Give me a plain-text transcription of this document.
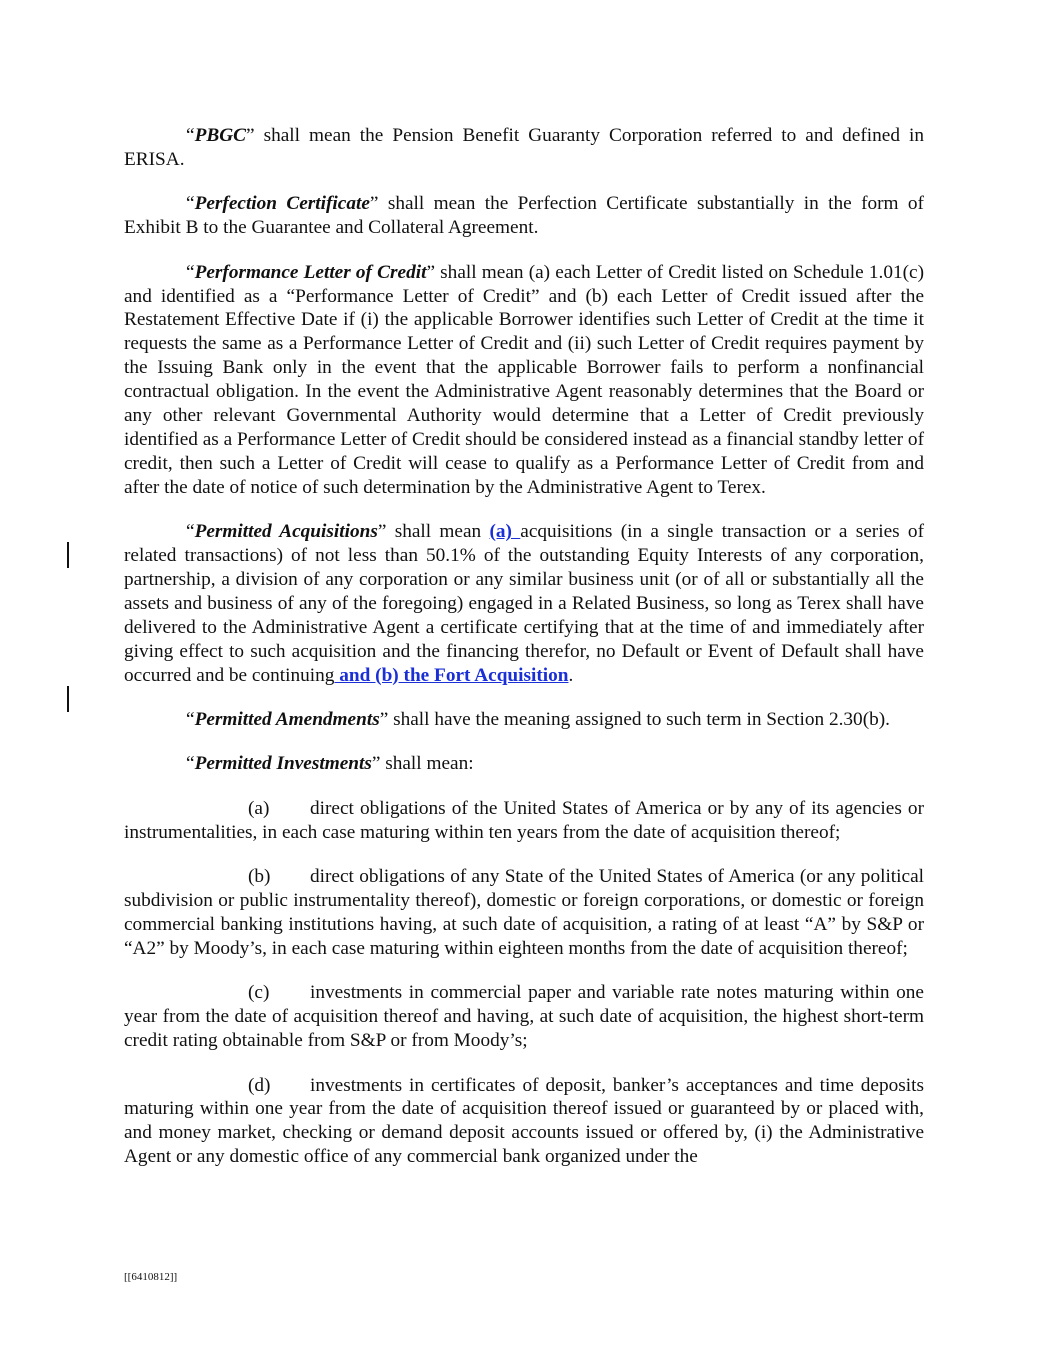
“PBGC” shall mean the Pension Benefit Guaranty Corporation referred to and defined in ERISA.

“Perfection Certificate” shall mean the Perfection Certificate substantially in the form of Exhibit B to the Guarantee and Collateral Agreement.

“Performance Letter of Credit” shall mean (a) each Letter of Credit listed on Schedule 1.01(c) and identified as a “Performance Letter of Credit” and (b) each Letter of Credit issued after the Restatement Effective Date if (i) the applicable Borrower identifies such Letter of Credit at the time it requests the same as a Performance Letter of Credit and (ii) such Letter of Credit requires payment by the Issuing Bank only in the event that the applicable Borrower fails to perform a nonfinancial contractual obligation. In the event the Administrative Agent reasonably determines that the Board or any other relevant Governmental Authority would determine that a Letter of Credit previously identified as a Performance Letter of Credit should be considered instead as a financial standby letter of credit, then such a Letter of Credit will cease to qualify as a Performance Letter of Credit from and after the date of notice of such determination by the Administrative Agent to Terex.

“Permitted Acquisitions” shall mean (a) acquisitions (in a single transaction or a series of related transactions) of not less than 50.1% of the outstanding Equity Interests of any corporation, partnership, a division of any corporation or any similar business unit (or of all or substantially all the assets and business of any of the foregoing) engaged in a Related Business, so long as Terex shall have delivered to the Administrative Agent a certificate certifying that at the time of and immediately after giving effect to such acquisition and the financing therefor, no Default or Event of Default shall have occurred and be continuing and (b) the Fort Acquisition.

“Permitted Amendments” shall have the meaning assigned to such term in Section 2.30(b).

“Permitted Investments” shall mean:

(a) direct obligations of the United States of America or by any of its agencies or instrumentalities, in each case maturing within ten years from the date of acquisition thereof;

(b) direct obligations of any State of the United States of America (or any political subdivision or public instrumentality thereof), domestic or foreign corporations, or domestic or foreign commercial banking institutions having, at such date of acquisition, a rating of at least “A” by S&P or “A2” by Moody’s, in each case maturing within eighteen months from the date of acquisition thereof;

(c) investments in commercial paper and variable rate notes maturing within one year from the date of acquisition thereof and having, at such date of acquisition, the highest short-term credit rating obtainable from S&P or from Moody’s;

(d) investments in certificates of deposit, banker’s acceptances and time deposits maturing within one year from the date of acquisition thereof issued or guaranteed by or placed with, and money market, checking or demand deposit accounts issued or offered by, (i) the Administrative Agent or any domestic office of any commercial bank organized under the

[[6410812]]
